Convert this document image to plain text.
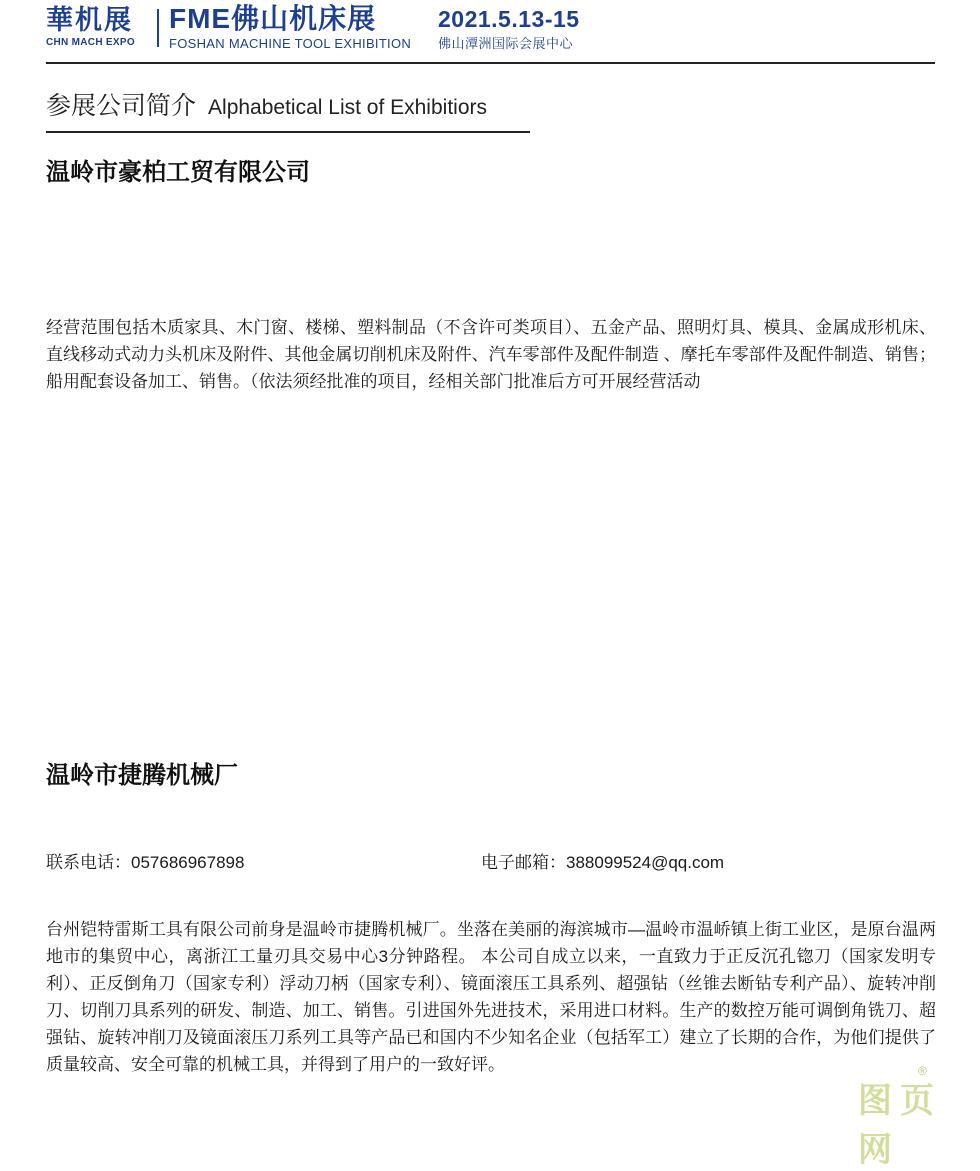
華机展
CHN MACH EXPO
FME佛山机床展
FOSHAN MACHINE TOOL EXHIBITION
2021.5.13-15
佛山潭洲国际会展中心
参展公司简介 Alphabetical List of Exhibitiors
温岭市豪柏工贸有限公司
经营范围包括木质家具、木门窗、楼梯、塑料制品（不含许可类项目）、五金产品、照明灯具、模具、金属成形机床、直线移动式动力头机床及附件、其他金属切削机床及附件、汽车零部件及配件制造 、摩托车零部件及配件制造、销售；船用配套设备加工、销售。（依法须经批准的项目，经相关部门批准后方可开展经营活动
温岭市捷腾机械厂
联系电话：057686967898	电子邮箱：388099524@qq.com
台州铠特雷斯工具有限公司前身是温岭市捷腾机械厂。坐落在美丽的海滨城市—温岭市温峤镇上街工业区，是原台温两地市的集贸中心，离浙江工量刃具交易中心3分钟路程。 本公司自成立以来，一直致力于正反沉孔锪刀（国家发明专利）、正反倒角刀（国家专利）浮动刀柄（国家专利）、镜面滚压工具系列、超强钻（丝锥去断钻专利产品）、旋转冲削刀、切削刀具系列的研发、制造、加工、销售。引进国外先进技术，采用进口材料。生产的数控万能可调倒角铣刀、超强钻、旋转冲削刀及镜面滚压刀系列工具等产品已和国内不少知名企业（包括军工）建立了长期的合作，为他们提供了质量较高、安全可靠的机械工具，并得到了用户的一致好评。
图页网
®
